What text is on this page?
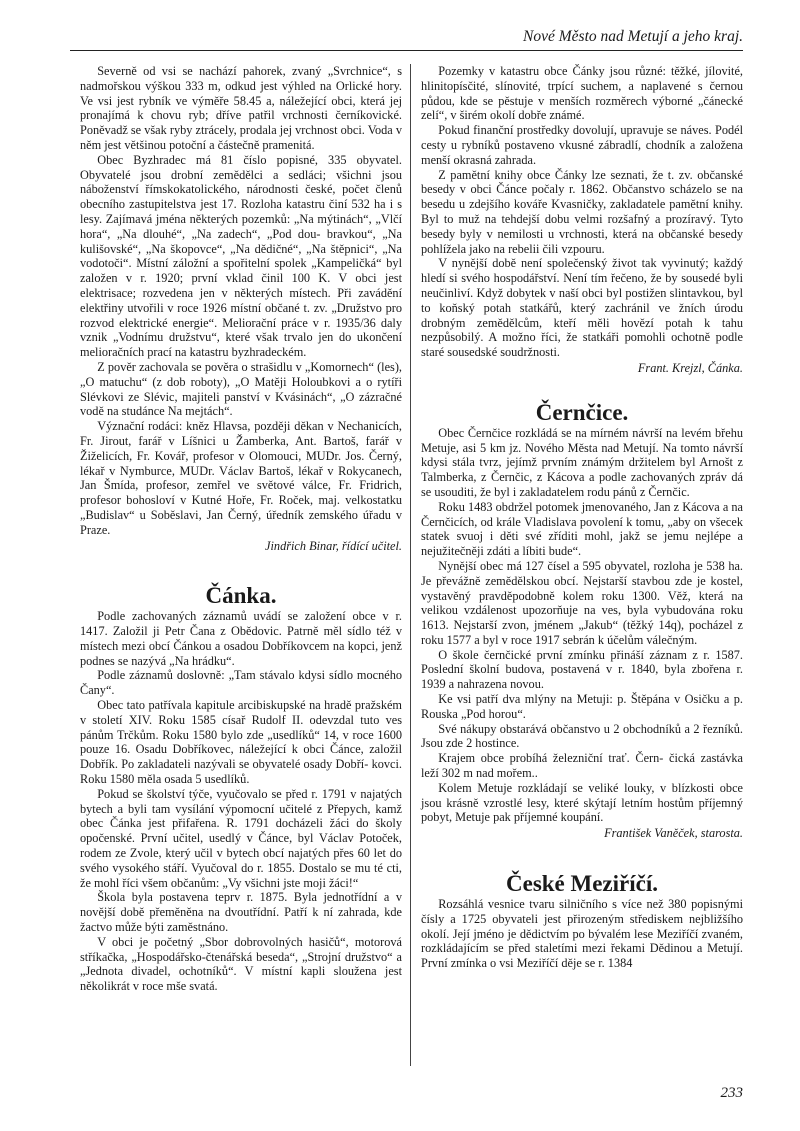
Nové Město nad Metují a jeho kraj.

Severně od vsi se nachází pahorek, zvaný „Svrchnice“, s nadmořskou výškou 333 m, odkud jest výhled na Orlické hory. Ve vsi jest rybník ve výměře 58.45 a, náležející obci, která jej pronajímá k chovu ryb; dříve patřil vrchnosti černíkovické. Poněvadž se však ryby ztrácely, prodala jej vrchnost obci. Voda v něm jest většinou potoční a částečně pramenitá.

Obec Byzhradec má 81 číslo popisné, 335 obyvatel. Obyvatelé jsou drobní zemědělci a sedláci; všichni jsou náboženství římskokatolického, národnosti české, počet členů obecního zastupitelstva jest 17. Rozloha katastru činí 532 ha i s lesy. Zajímavá jména některých pozemků: „Na mýtinách“, „Vlčí hora“, „Na dlouhé“, „Na zadech“, „Pod dou- bravkou“, „Na kulišovské“, „Na škopovce“, „Na dědičné“, „Na štěpnici“, „Na vodotoči“. Místní záložní a spořitelní spolek „Kampeličká“ byl založen v r. 1920; první vklad činil 100 K. V obci jest elektrisace; rozvedena jen v některých místech. Při zavádění elektřiny utvořili v roce 1926 místní občané t. zv. „Družstvo pro rozvod elektrické energie“. Meliorační práce v r. 1935/36 daly vznik „Vodnímu družstvu“, které však trvalo jen do ukončení melioračních prací na katastru byzhradeckém.

Z pověr zachovala se pověra o strašidlu v „Komornech“ (les), „O matuchu“ (z dob roboty), „O Matěji Holoubkovi a o rytíři Slévkovi ze Slévic, majiteli panství v Kvásinách“, „O zázračné vodě na studánce Na mejtách“.

Význační rodáci: kněz Hlavsa, později děkan v Nechanicích, Fr. Jirout, farář v Líšnici u Žamberka, Ant. Bartoš, farář v Žiželicích, Fr. Kovář, profesor v Olomouci, MUDr. Jos. Černý, lékař v Nymburce, MUDr. Václav Bartoš, lékař v Rokycanech, Jan Šmída, profesor, zemřel ve světové válce, Fr. Fridrich, profesor bohosloví v Kutné Hoře, Fr. Roček, maj. velkostatku „Budislav“ u Soběslavi, Jan Černý, úředník zemského úřadu v Praze.

Jindřich Binar, řídící učitel.

Čánka.

Podle zachovaných záznamů uvádí se založení obce v r. 1417. Založil ji Petr Čana z Obědovic. Patrně měl sídlo též v místech mezi obcí Čánkou a osadou Dobříkovcem na kopci, jenž podnes se nazývá „Na hrádku“.

Podle záznamů doslovně: „Tam stávalo kdysi sídlo mocného Čany“.

Obec tato patřívala kapitule arcibiskupské na hradě pražském v století XIV. Roku 1585 císař Rudolf II. odevzdal tuto ves pánům Trčkům. Roku 1580 bylo zde „usedlíků“ 14, v roce 1600 pouze 16. Osadu Dobříkovec, náležející k obci Čánce, založil Dobřík. Po zakladateli nazývali se obyvatelé osady Dobří- kovci. Roku 1580 měla osada 5 usedlíků.

Pokud se školství týče, vyučovalo se před r. 1791 v najatých bytech a byli tam vysílání výpomocní učitelé z Přepych, kamž obec Čánka jest přifařena. R. 1791 docházeli žáci do školy opočenské. První učitel, usedlý v Čánce, byl Václav Potoček, rodem ze Zvole, který učil v bytech obcí najatých přes 60 let do svého vysokého stáří. Vyučoval do r. 1855. Dostalo se mu té cti, že mohl říci všem občanům: „Vy všichni jste moji žáci!“

Škola byla postavena teprv r. 1875. Byla jednotřídní a v novější době přeměněna na dvoutřídní. Patří k ní zahrada, kde žactvo může býti zaměstnáno.

V obci je početný „Sbor dobrovolných hasičů“, motorová stříkačka, „Hospodářsko-čtenářská beseda“, „Strojní družstvo“ a „Jednota divadel, ochotníků“. V místní kapli sloužena jest několikrát v roce mše svatá.

Pozemky v katastru obce Čánky jsou různé: těžké, jílovité, hlinitopísčité, slínovité, trpící suchem, a naplavené s černou půdou, kde se pěstuje v menších rozměrech výborné „čánecké zelí“, v širém okolí dobře známé.

Pokud finanční prostředky dovolují, upravuje se náves. Podél cesty u rybníků postaveno vkusné zábradlí, chodník a založena menší okrasná zahrada.

Z pamětní knihy obce Čánky lze seznati, že t. zv. občanské besedy v obci Čánce počaly r. 1862. Občanstvo scházelo se na besedu u zdejšího kováře Kvasničky, zakladatele pamětní knihy. Byl to muž na tehdejší dobu velmi rozšafný a prozíravý. Tyto besedy byly v nemilosti u vrchnosti, která na občanské besedy pohlížela jako na rebelii čili vzpouru.

V nynější době není společenský život tak vyvinutý; každý hledí si svého hospodářství. Není tím řečeno, že by sousedé byli neučinliví. Když dobytek v naší obci byl postižen slintavkou, byl to koňský potah statkářů, který zachránil ve žních úrodu drobným zemědělcům, kteří měli hovězí potah k tahu nezpůsobilý. A možno říci, že statkáři pomohli ochotně podle staré sousedské soudržnosti.

Frant. Krejzl, Čánka.

Černčice.

Obec Černčice rozkládá se na mírném návrší na levém břehu Metuje, asi 5 km jz. Nového Města nad Metují. Na tomto návrší kdysi stála tvrz, jejímž prvním známým držitelem byl Arnošt z Talmberka, z Černčic, z Kácova a podle zachovaných zpráv dá se usouditi, že byl i zakladatelem rodu pánů z Černčic.

Roku 1483 obdržel potomek jmenovaného, Jan z Kácova a na Černčicích, od krále Vladislava povolení k tomu, „aby on všecek statek svuoj i děti své zříditi mohl, jakž se jemu nejlépe a nejužitečněji zdáti a líbiti bude“.

Nynější obec má 127 čísel a 595 obyvatel, rozloha je 538 ha. Je převážně zemědělskou obcí. Nejstarší stavbou zde je kostel, vystavěný pravděpodobně kolem roku 1300. Věž, která na velikou vzdálenost upozorňuje na ves, byla vybudována roku 1613. Nejstarší zvon, jménem „Jakub“ (těžký 14q), pocházel z roku 1577 a byl v roce 1917 sebrán k účelům válečným.

O škole černčické první zmínku přináší záznam z r. 1587. Poslední školní budova, postavená v r. 1840, byla zbořena r. 1939 a nahrazena novou.

Ke vsi patří dva mlýny na Metuji: p. Štěpána v Osičku a p. Rouska „Pod horou“.

Své nákupy obstarává občanstvo u 2 obchodníků a 2 řezníků. Jsou zde 2 hostince.

Krajem obce probíhá železniční trať. Čern- čická zastávka leží 302 m nad mořem..

Kolem Metuje rozkládají se veliké louky, v blízkosti obce jsou krásně vzrostlé lesy, které skýtají letním hostům příjemný pobyt, Metuje pak příjemné koupání.

František Vaněček, starosta.

České Meziříčí.

Rozsáhlá vesnice tvaru silničního s více než 380 popisnými čísly a 1725 obyvateli jest přirozeným střediskem nejbližšího okolí. Její jméno je dědictvím po bývalém lese Meziříčí zvaném, rozkládajícím se před staletími mezi řekami Dědinou a Metují. První zmínka o vsi Meziříčí děje se r. 1384

233
